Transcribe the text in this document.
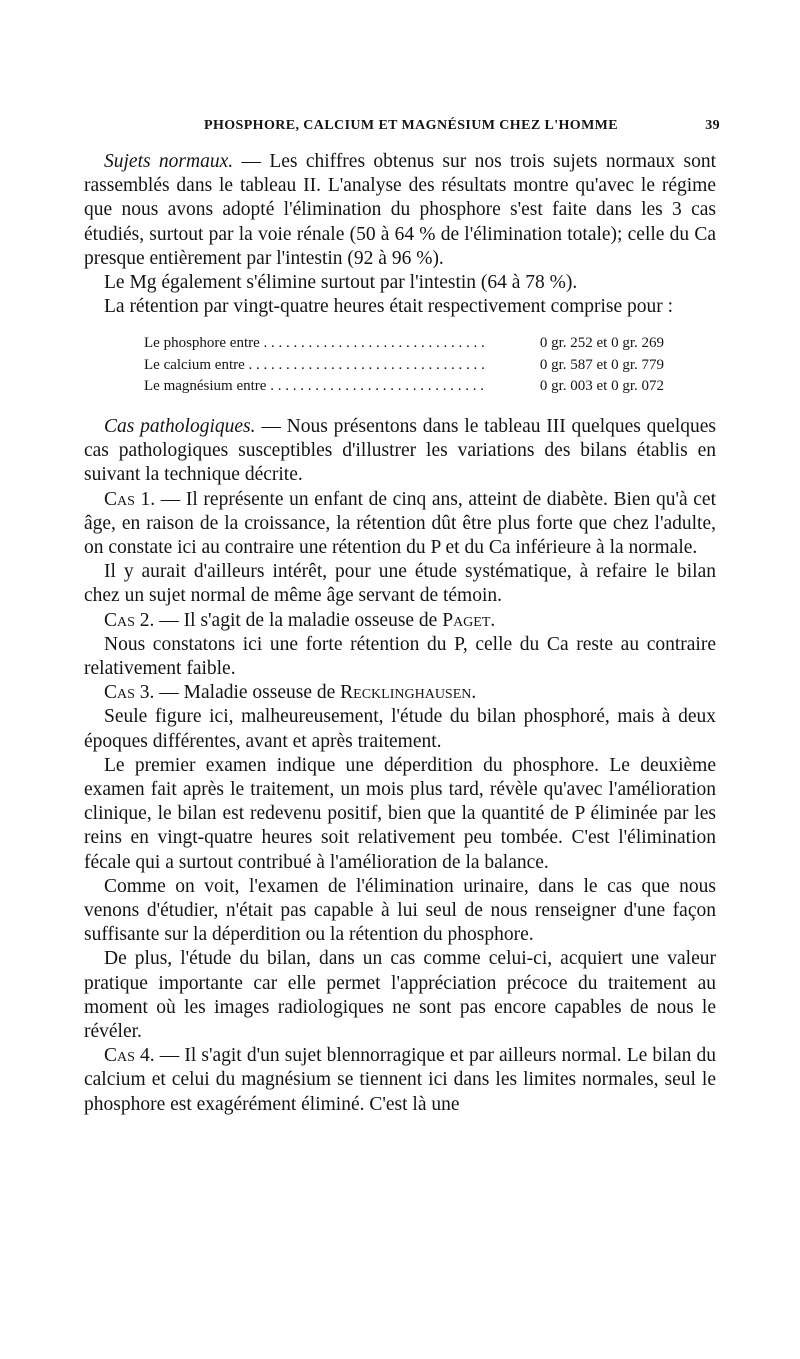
PHOSPHORE, CALCIUM ET MAGNÉSIUM CHEZ L'HOMME	39

Sujets normaux. — Les chiffres obtenus sur nos trois sujets normaux sont rassemblés dans le tableau II. L'analyse des résultats montre qu'avec le régime que nous avons adopté l'élimination du phosphore s'est faite dans les 3 cas étudiés, surtout par la voie rénale (50 à 64 % de l'élimination totale); celle du Ca presque entièrement par l'intestin (92 à 96 %).

Le Mg également s'élimine surtout par l'intestin (64 à 78 %).

La rétention par vingt-quatre heures était respectivement comprise pour :

Le phosphore entre . . .	0 gr. 252 et 0 gr. 269
Le calcium entre . . .	0 gr. 587 et 0 gr. 779
Le magnésium entre . . .	0 gr. 003 et 0 gr. 072

Cas pathologiques. — Nous présentons dans le tableau III quelques quelques cas pathologiques susceptibles d'illustrer les variations des bilans établis en suivant la technique décrite.

Cas 1. — Il représente un enfant de cinq ans, atteint de diabète. Bien qu'à cet âge, en raison de la croissance, la rétention dût être plus forte que chez l'adulte, on constate ici au contraire une rétention du P et du Ca inférieure à la normale.

Il y aurait d'ailleurs intérêt, pour une étude systématique, à refaire le bilan chez un sujet normal de même âge servant de témoin.

Cas 2. — Il s'agit de la maladie osseuse de Paget.

Nous constatons ici une forte rétention du P, celle du Ca reste au contraire relativement faible.

Cas 3. — Maladie osseuse de Recklinghausen.

Seule figure ici, malheureusement, l'étude du bilan phosphoré, mais à deux époques différentes, avant et après traitement.

Le premier examen indique une déperdition du phosphore. Le deuxième examen fait après le traitement, un mois plus tard, révèle qu'avec l'amélioration clinique, le bilan est redevenu positif, bien que la quantité de P éliminée par les reins en vingt-quatre heures soit relativement peu tombée. C'est l'élimination fécale qui a surtout contribué à l'amélioration de la balance.

Comme on voit, l'examen de l'élimination urinaire, dans le cas que nous venons d'étudier, n'était pas capable à lui seul de nous renseigner d'une façon suffisante sur la déperdition ou la rétention du phosphore.

De plus, l'étude du bilan, dans un cas comme celui-ci, acquiert une valeur pratique importante car elle permet l'appréciation précoce du traitement au moment où les images radiologiques ne sont pas encore capables de nous le révéler.

Cas 4. — Il s'agit d'un sujet blennorragique et par ailleurs normal. Le bilan du calcium et celui du magnésium se tiennent ici dans les limites normales, seul le phosphore est exagérément éliminé. C'est là une
